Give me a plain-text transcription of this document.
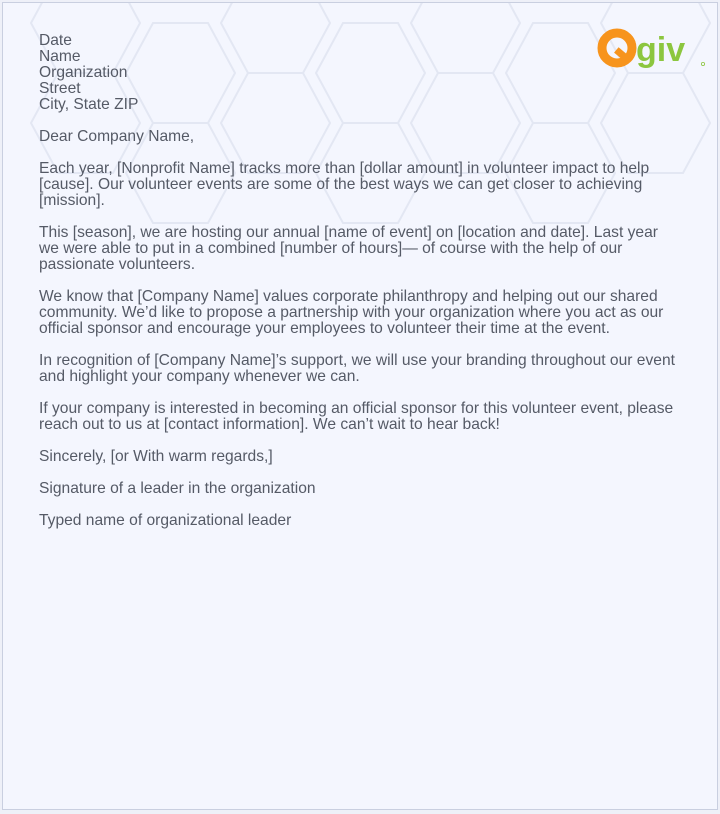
giv
Date
Name
Organization
Street
City, State ZIP

Dear Company Name,

Each year, [Nonprofit Name] tracks more than [dollar amount] in volunteer impact to help [cause]. Our volunteer events are some of the best ways we can get closer to achieving [mission].

This [season], we are hosting our annual [name of event] on [location and date]. Last year we were able to put in a combined [number of hours]— of course with the help of our passionate volunteers.

We know that [Company Name] values corporate philanthropy and helping out our shared community. We’d like to propose a partnership with your organization where you act as our official sponsor and encourage your employees to volunteer their time at the event.

In recognition of [Company Name]’s support, we will use your branding throughout our event and highlight your company whenever we can.

If your company is interested in becoming an official sponsor for this volunteer event, please reach out to us at [contact information]. We can’t wait to hear back!

Sincerely, [or With warm regards,]

Signature of a leader in the organization

Typed name of organizational leader
